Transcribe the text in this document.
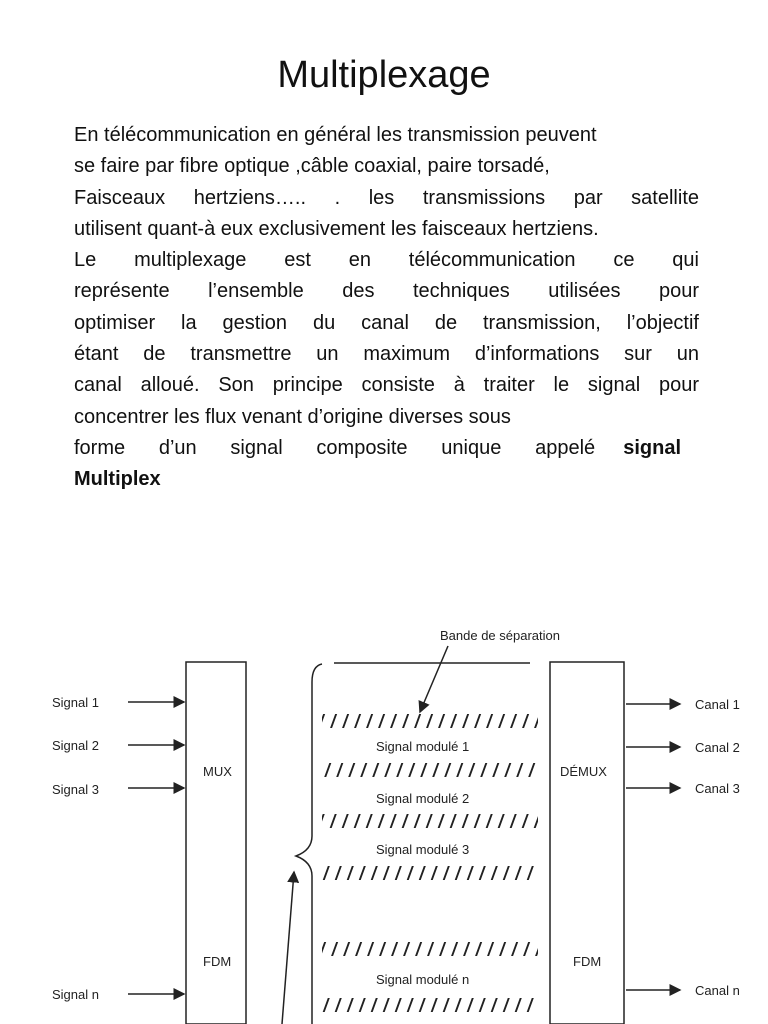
Multiplexage
En télécommunication en général les transmission peuvent
se faire par fibre optique ,câble coaxial, paire torsadé,
Faisceaux hertziens….. . les transmissions par satellite
utilisent quant-à eux exclusivement les faisceaux hertziens.
Le multiplexage est en télécommunication ce qui
représente l’ensemble des techniques utilisées pour
optimiser la gestion du canal de transmission, l’objectif
étant de transmettre un maximum d’informations sur un
canal alloué. Son principe consiste à traiter le signal pour
concentrer les flux venant d’origine diverses sous
forme d’un signal composite unique appelé signal
Multiplex
Bande de séparation
MUX
FDM
Signal 1
Signal 2
Signal 3
Signal n
Signal modulé 1
Signal modulé 2
Signal modulé 3
Signal modulé n
DÉMUX
FDM
Canal 1
Canal 2
Canal 3
Canal n
